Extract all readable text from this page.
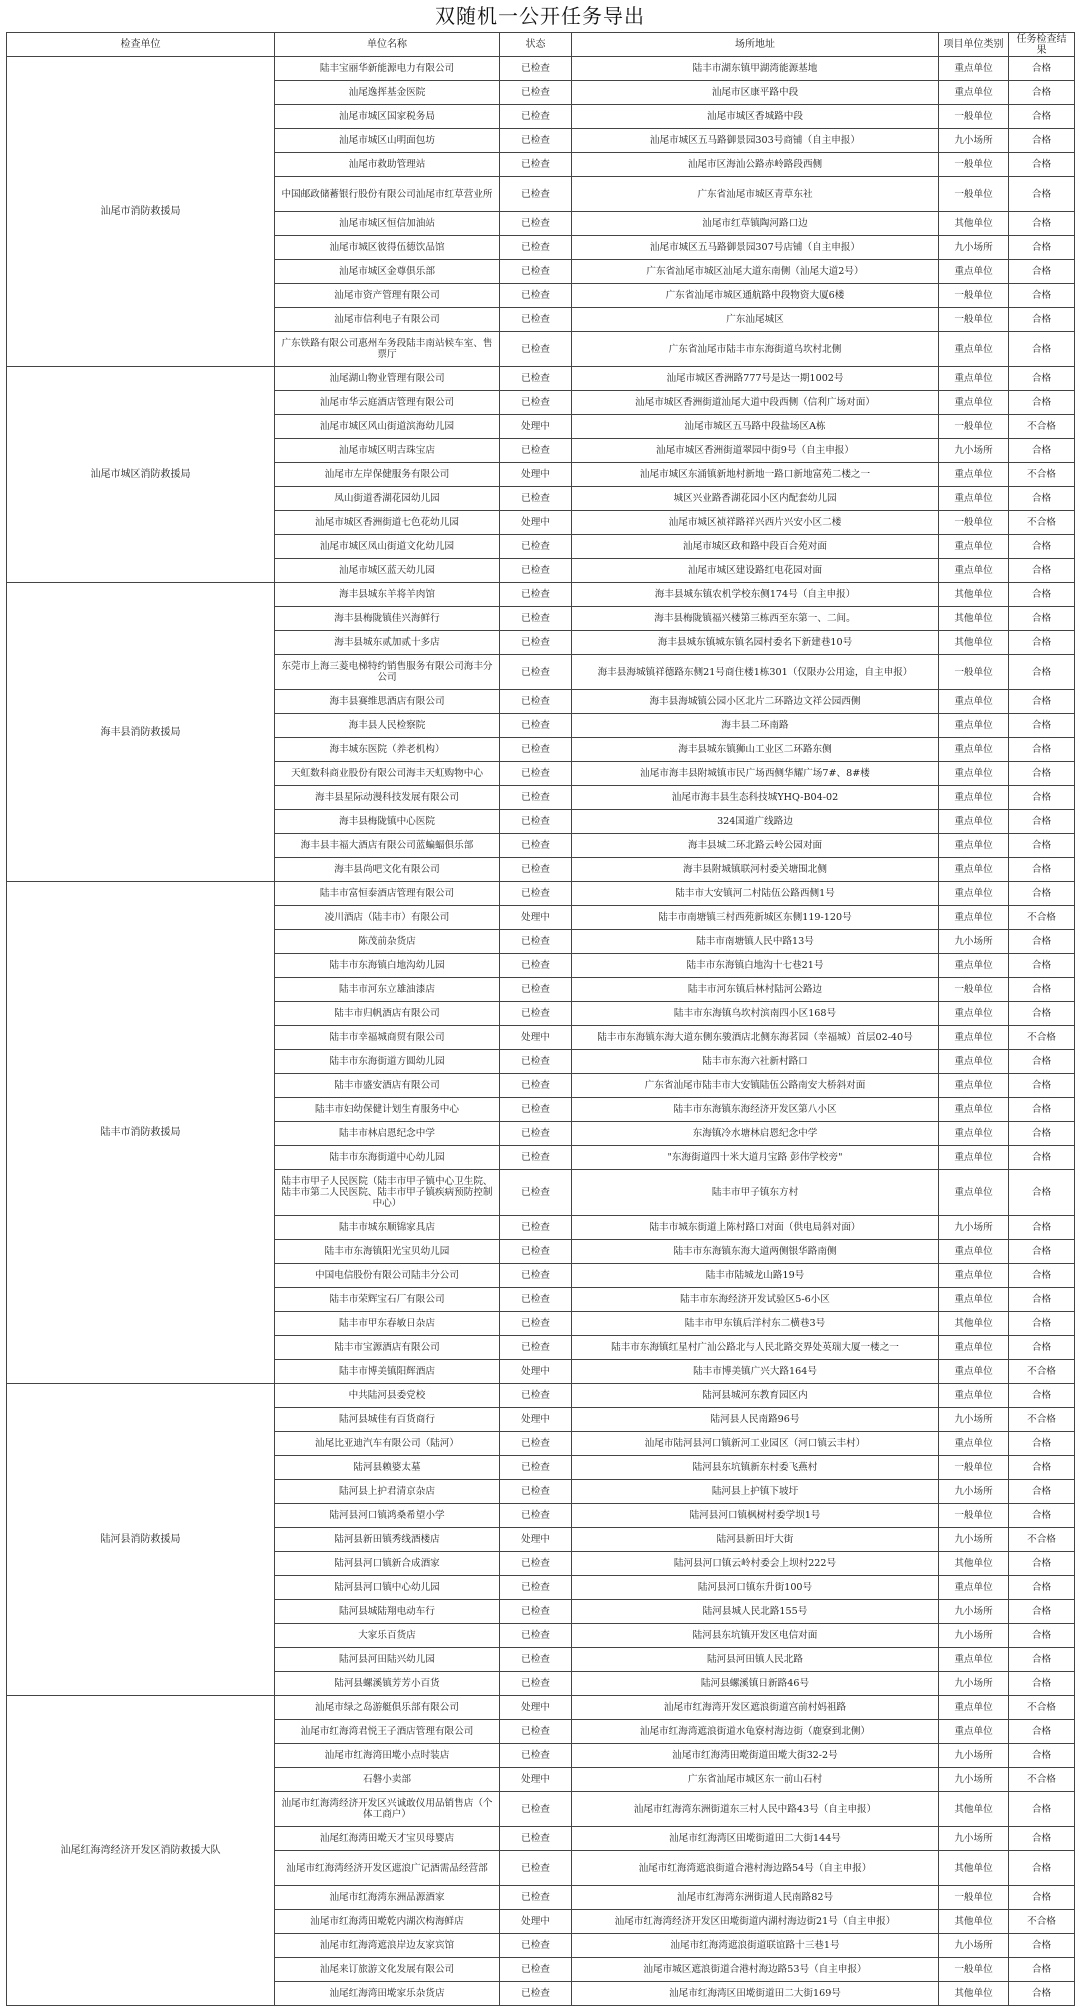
双随机一公开任务导出
检查单位	单位名称	状态	场所地址	项目单位类别	任务检查结果
汕尾市消防救援局	陆丰宝丽华新能源电力有限公司	已检查	陆丰市湖东镇甲湖湾能源基地	重点单位	合格
	汕尾逸挥基金医院	已检查	汕尾市区康平路中段	重点单位	合格
	汕尾市城区国家税务局	已检查	汕尾市城区香城路中段	一般单位	合格
	汕尾市城区山明面包坊	已检查	汕尾市城区五马路御景园303号商铺（自主申报）	九小场所	合格
	汕尾市救助管理站	已检查	汕尾市区海汕公路赤岭路段西侧	一般单位	合格
	中国邮政储蓄银行股份有限公司汕尾市红草营业所	已检查	广东省汕尾市城区青草东社	一般单位	合格
	汕尾市城区恒信加油站	已检查	汕尾市红草镇陶河路口边	其他单位	合格
	汕尾市城区彼得伍德饮品馆	已检查	汕尾市城区五马路御景园307号店铺（自主申报）	九小场所	合格
	汕尾市城区金尊俱乐部	已检查	广东省汕尾市城区汕尾大道东南侧（汕尾大道2号）	重点单位	合格
	汕尾市资产管理有限公司	已检查	广东省汕尾市城区通航路中段物资大厦6楼	一般单位	合格
	汕尾市信利电子有限公司	已检查	广东汕尾城区	一般单位	合格
	广东铁路有限公司惠州车务段陆丰南站候车室、售票厅	已检查	广东省汕尾市陆丰市东海街道乌坎村北侧	重点单位	合格
汕尾市城区消防救援局	汕尾湖山物业管理有限公司	已检查	汕尾市城区香洲路777号是达一期1002号	重点单位	合格
	汕尾市华云庭酒店管理有限公司	已检查	汕尾市城区香洲街道汕尾大道中段西侧（信利广场对面）	重点单位	合格
	汕尾市城区风山街道滨海幼儿园	处理中	汕尾市城区五马路中段盐场区A栋	一般单位	不合格
	汕尾市城区明吉珠宝店	已检查	汕尾市城区香洲街道翠园中街9号（自主申报）	九小场所	合格
	汕尾市左岸保健服务有限公司	处理中	汕尾市城区东涌镇新地村新地一路口新地富苑二楼之一	重点单位	不合格
	凤山街道香湖花园幼儿园	已检查	城区兴业路香湖花园小区内配套幼儿园	重点单位	合格
	汕尾市城区香洲街道七色花幼儿园	处理中	汕尾市城区祯祥路祥兴西片兴安小区二楼	一般单位	不合格
	汕尾市城区凤山街道文化幼儿园	已检查	汕尾市城区政和路中段百合苑对面	重点单位	合格
	汕尾市城区蓝天幼儿园	已检查	汕尾市城区建设路红电花园对面	重点单位	合格
海丰县消防救援局	海丰县城东羊将羊肉馆	已检查	海丰县城东镇农机学校东侧174号（自主申报）	其他单位	合格
	海丰县梅陇镇佳兴海鲜行	已检查	海丰县梅陇镇福兴楼第三栋西至东第一、二间。	其他单位	合格
	海丰县城东贰加贰十多店	已检查	海丰县城东镇城东镇名园村委名下新建巷10号	其他单位	合格
	东莞市上海三菱电梯特约销售服务有限公司海丰分公司	已检查	海丰县海城镇祥德路东侧21号商住楼1栋301（仅限办公用途，自主申报）	一般单位	合格
	海丰县赛维思酒店有限公司	已检查	海丰县海城镇公园小区北片二环路边文祥公园西侧	重点单位	合格
	海丰县人民检察院	已检查	海丰县二环南路	重点单位	合格
	海丰城东医院（养老机构）	已检查	海丰县城东镇狮山工业区二环路东侧	重点单位	合格
	天虹数科商业股份有限公司海丰天虹购物中心	已检查	汕尾市海丰县附城镇市民广场西侧华耀广场7#、8#楼	重点单位	合格
	海丰县星际动漫科技发展有限公司	已检查	汕尾市海丰县生态科技城YHQ-B04-02	重点单位	合格
	海丰县梅陇镇中心医院	已检查	324国道广线路边	重点单位	合格
	海丰县丰福大酒店有限公司蓝蝙蝠俱乐部	已检查	海丰县城二环北路云岭公园对面	重点单位	合格
	海丰县尚吧文化有限公司	已检查	海丰县附城镇联河村委关塘围北侧	重点单位	合格
陆丰市消防救援局	陆丰市富恒泰酒店管理有限公司	已检查	陆丰市大安镇河二村陆伍公路西侧1号	重点单位	合格
	凌川酒店（陆丰市）有限公司	处理中	陆丰市南塘镇三村西苑新城区东侧119-120号	重点单位	不合格
	陈茂前杂货店	已检查	陆丰市南塘镇人民中路13号	九小场所	合格
	陆丰市东海镇白地沟幼儿园	已检查	陆丰市东海镇白地沟十七巷21号	重点单位	合格
	陆丰市河东立雄油漆店	已检查	陆丰市河东镇后林村陆河公路边	一般单位	合格
	陆丰市归帆酒店有限公司	已检查	陆丰市东海镇乌坎村滨南四小区168号	重点单位	合格
	陆丰市幸福城商贸有限公司	处理中	陆丰市东海镇东海大道东侧东骏酒店北侧东海茗园（幸福城）首层02-40号	重点单位	不合格
	陆丰市东海街道方圆幼儿园	已检查	陆丰市东海六社新村路口	重点单位	合格
	陆丰市盛安酒店有限公司	已检查	广东省汕尾市陆丰市大安镇陆伍公路南安大桥斜对面	重点单位	合格
	陆丰市妇幼保健计划生育服务中心	已检查	陆丰市东海镇东海经济开发区第八小区	重点单位	合格
	陆丰市林启恩纪念中学	已检查	东海镇冷水塘林启恩纪念中学	重点单位	合格
	陆丰市东海街道中心幼儿园	已检查	"东海街道四十米大道月宝路 彭伟学校旁"	重点单位	合格
	陆丰市甲子人民医院（陆丰市甲子镇中心卫生院、陆丰市第二人民医院、陆丰市甲子镇疾病预防控制中心）	已检查	陆丰市甲子镇东方村	重点单位	合格
	陆丰市城东顺锦家具店	已检查	陆丰市城东街道上陈村路口对面（供电局斜对面）	九小场所	合格
	陆丰市东海镇阳光宝贝幼儿园	已检查	陆丰市东海镇东海大道两侧银华路南侧	重点单位	合格
	中国电信股份有限公司陆丰分公司	已检查	陆丰市陆城龙山路19号	重点单位	合格
	陆丰市荣辉宝石厂有限公司	已检查	陆丰市东海经济开发试验区5-6小区	重点单位	合格
	陆丰市甲东春敏日杂店	已检查	陆丰市甲东镇后洋村东二横巷3号	其他单位	合格
	陆丰市宝源酒店有限公司	已检查	陆丰市东海镇红星村广汕公路北与人民北路交界处英瑞大厦一楼之一	重点单位	合格
	陆丰市博美镇阳辉酒店	处理中	陆丰市博美镇广兴大路164号	重点单位	不合格
陆河县消防救援局	中共陆河县委党校	已检查	陆河县城河东教育园区内	重点单位	合格
	陆河县城佳有百货商行	处理中	陆河县人民南路96号	九小场所	不合格
	汕尾比亚迪汽车有限公司（陆河）	已检查	汕尾市陆河县河口镇新河工业园区（河口镇云丰村）	重点单位	合格
	陆河县赖婆太墓	已检查	陆河县东坑镇新东村委飞燕村	一般单位	合格
	陆河县上护君清京杂店	已检查	陆河县上护镇下坡圩	九小场所	合格
	陆河县河口镇鸿桑希望小学	已检查	陆河县河口镇枫树村委学坝1号	一般单位	合格
	陆河县新田镇秀线酒楼店	处理中	陆河县新田圩大街	九小场所	不合格
	陆河县河口镇新合成酒家	已检查	陆河县河口镇云岭村委会上坝村222号	其他单位	合格
	陆河县河口镇中心幼儿园	已检查	陆河县河口镇东升街100号	重点单位	合格
	陆河县城陆翔电动车行	已检查	陆河县城人民北路155号	九小场所	合格
	大家乐百货店	已检查	陆河县东坑镇开发区电信对面	九小场所	合格
	陆河县河田陆兴幼儿园	已检查	陆河县河田镇人民北路	重点单位	合格
	陆河县螺溪镇芳芳小百货	已检查	陆河县螺溪镇日新路46号	九小场所	合格
汕尾红海湾经济开发区消防救援大队	汕尾市绿之岛游艇俱乐部有限公司	处理中	汕尾市红海湾开发区遮浪街道宫前村妈祖路	重点单位	不合格
	汕尾市红海湾君悦王子酒店管理有限公司	已检查	汕尾市红海湾遮浪街道水龟寮村海边街（鹿寮到北侧）	重点单位	合格
	汕尾市红海湾田墘小点时装店	已检查	汕尾市红海湾田墘街道田墘大街32-2号	九小场所	合格
	石磐小卖部	处理中	广东省汕尾市城区东一前山石村	九小场所	不合格
	汕尾市红海湾经济开发区兴诚敢仪用品销售店（个体工商户）	已检查	汕尾市红海湾东洲街道东三村人民中路43号（自主申报）	其他单位	合格
	汕尾红海湾田墘天才宝贝母婴店	已检查	汕尾市红海湾区田墘街道田二大街144号	九小场所	合格
	汕尾市红海湾经济开发区遮浪广记酒需品经营部	已检查	汕尾市红海湾遮浪街道合港村海边路54号（自主申报）	其他单位	合格
	汕尾市红海湾东洲品源酒家	已检查	汕尾市红海湾东洲街道人民南路82号	一般单位	合格
	汕尾市红海湾田墘乾内湖次构海鲜店	处理中	汕尾市红海湾经济开发区田墘街道内湖村海边街21号（自主申报）	其他单位	不合格
	汕尾市红海湾遮浪岸边友家宾馆	已检查	汕尾市红海湾遮浪街道联谊路十三巷1号	九小场所	合格
	汕尾来订旅游文化发展有限公司	已检查	汕尾市城区遮浪街道合港村海边路53号（自主申报）	一般单位	合格
	汕尾红海湾田墘家乐杂货店	已检查	汕尾市红海湾区田墘街道田二大街169号	其他单位	合格
